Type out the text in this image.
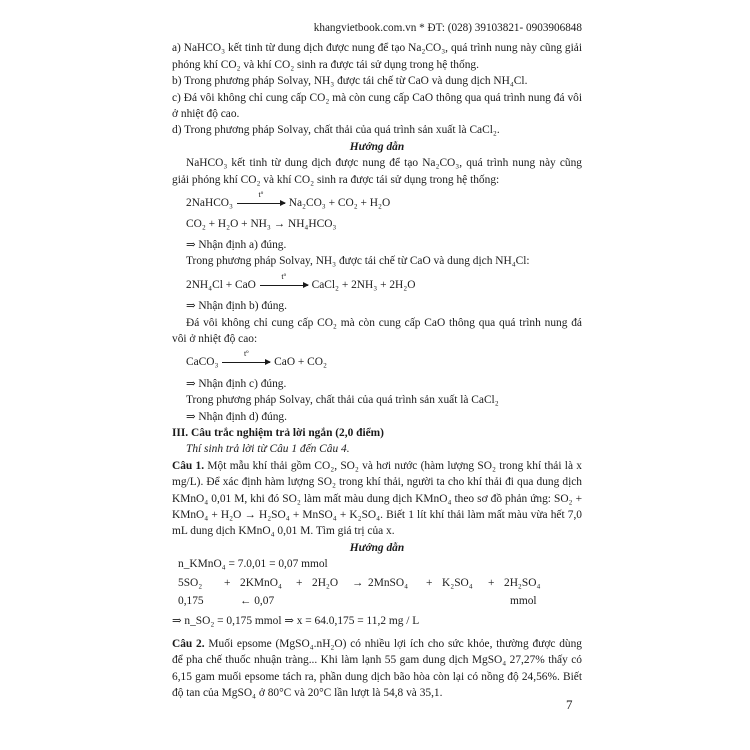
khangvietbook.com.vn * ĐT: (028) 39103821- 0903906848

a) NaHCO₃ kết tinh từ dung dịch được nung để tạo Na₂CO₃, quá trình nung này cũng giải phóng khí CO₂ và khí CO₂ sinh ra được tái sử dụng trong hệ thống.

b) Trong phương pháp Solvay, NH₃ được tái chế từ CaO và dung dịch NH₄Cl.

c) Đá vôi không chỉ cung cấp CO₂ mà còn cung cấp CaO thông qua quá trình nung đá vôi ở nhiệt độ cao.

d) Trong phương pháp Solvay, chất thải của quá trình sản xuất là CaCl₂.

Hướng dẫn

NaHCO₃ kết tinh từ dung dịch được nung để tạo Na₂CO₃, quá trình nung này cũng giải phóng khí CO₂ và khí CO₂ sinh ra được tái sử dụng trong hệ thống:

2NaHCO₃
tº
Na₂CO₃ + CO₂ + H₂O
CO₂ + H₂O + NH₃ → NH₄HCO₃

⇒ Nhận định a) đúng.

Trong phương pháp Solvay, NH₃ được tái chế từ CaO và dung dịch NH₄Cl:

2NH₄Cl + CaO
tº
CaCl₂ + 2NH₃ + 2H₂O

⇒ Nhận định b) đúng.

Đá vôi không chỉ cung cấp CO₂ mà còn cung cấp CaO thông qua quá trình nung đá vôi ở nhiệt độ cao:

CaCO₃
tº
CaO + CO₂

⇒ Nhận định c) đúng.

Trong phương pháp Solvay, chất thải của quá trình sản xuất là CaCl₂

⇒ Nhận định d) đúng.

III. Câu trắc nghiệm trả lời ngắn (2,0 điểm)

Thí sinh trả lời từ Câu 1 đến Câu 4.

Câu 1. Một mẫu khí thải gồm CO₂, SO₂ và hơi nước (hàm lượng SO₂ trong khí thải là x mg/L). Để xác định hàm lượng SO₂ trong khí thải, người ta cho khí thải đi qua dung dịch KMnO₄ 0,01 M, khi đó SO₂ làm mất màu dung dịch KMnO₄ theo sơ đồ phản ứng: SO₂ + KMnO₄ + H₂O → H₂SO₄ + MnSO₄ + K₂SO₄. Biết 1 lít khí thải làm mất màu vừa hết 7,0 mL dung dịch KMnO₄ 0,01 M. Tìm giá trị của x.

Hướng dẫn

n_KMnO₄ = 7.0,01 = 0,07 mmol

5SO₂	+ 2KMnO₄	+ 2H₂O	→ 2MnSO₄	+ K₂SO₄	+ 2H₂SO₄
0,175	← 0,07	mmol

⇒ n_SO₂ = 0,175 mmol ⇒ x = 64.0,175 = 11,2 mg / L

Câu 2. Muối epsome (MgSO₄.nH₂O) có nhiều lợi ích cho sức khỏe, thường được dùng để pha chế thuốc nhuận tràng... Khi làm lạnh 55 gam dung dịch MgSO₄ 27,27% thấy có 6,15 gam muối epsome tách ra, phần dung dịch bão hòa còn lại có nồng độ 24,56%. Biết độ tan của MgSO₄ ở 80°C và 20°C lần lượt là 54,8 và 35,1.

7
